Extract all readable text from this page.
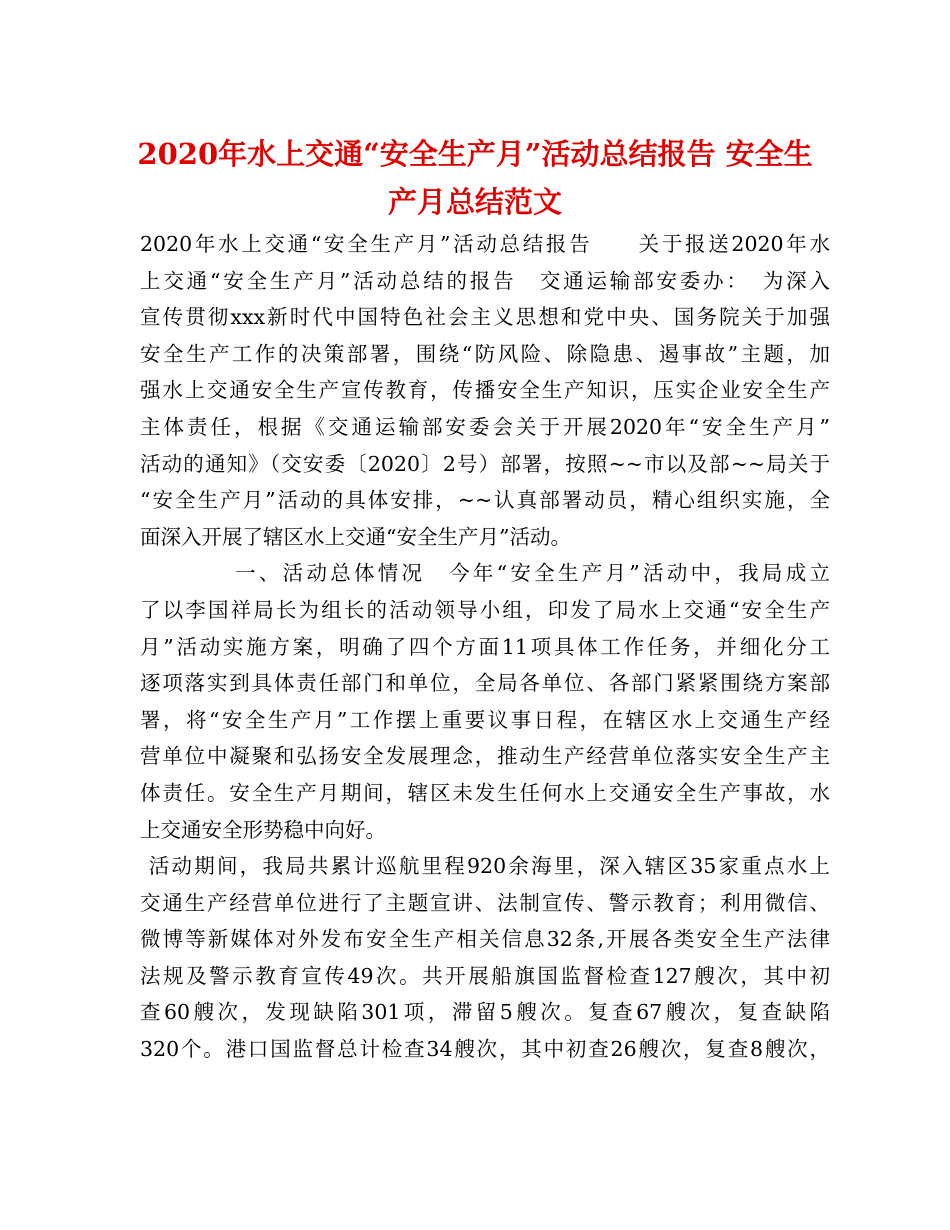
2020年水上交通“安全生产月”活动总结报告 安全生
产月总结范文
2020年水上交通“安全生产月”活动总结报告　　关于报送2020年水
上交通“安全生产月”活动总结的报告　交通运输部安委办：　为深入
宣传贯彻xxx新时代中国特色社会主义思想和党中央、国务院关于加强
安全生产工作的决策部署，围绕“防风险、除隐患、遏事故”主题，加
强水上交通安全生产宣传教育，传播安全生产知识，压实企业安全生产
主体责任，根据《交通运输部安委会关于开展2020年“安全生产月”
活动的通知》（交安委〔2020〕2号）部署，按照~~市以及部~~局关于
“安全生产月”活动的具体安排，~~认真部署动员，精心组织实施，全
面深入开展了辖区水上交通“安全生产月”活动。
　　　　一、活动总体情况　今年“安全生产月”活动中，我局成立
了以李国祥局长为组长的活动领导小组，印发了局水上交通“安全生产
月”活动实施方案，明确了四个方面11项具体工作任务，并细化分工
逐项落实到具体责任部门和单位，全局各单位、各部门紧紧围绕方案部
署，将“安全生产月”工作摆上重要议事日程，在辖区水上交通生产经
营单位中凝聚和弘扬安全发展理念，推动生产经营单位落实安全生产主
体责任。安全生产月期间，辖区未发生任何水上交通安全生产事故，水
上交通安全形势稳中向好。
活动期间，我局共累计巡航里程920余海里，深入辖区35家重点水上
交通生产经营单位进行了主题宣讲、法制宣传、警示教育；利用微信、
微博等新媒体对外发布安全生产相关信息32条,开展各类安全生产法律
法规及警示教育宣传49次。共开展船旗国监督检查127艘次，其中初
查60艘次，发现缺陷301项，滞留5艘次。复查67艘次，复查缺陷
320个。港口国监督总计检查34艘次，其中初查26艘次，复查8艘次，
